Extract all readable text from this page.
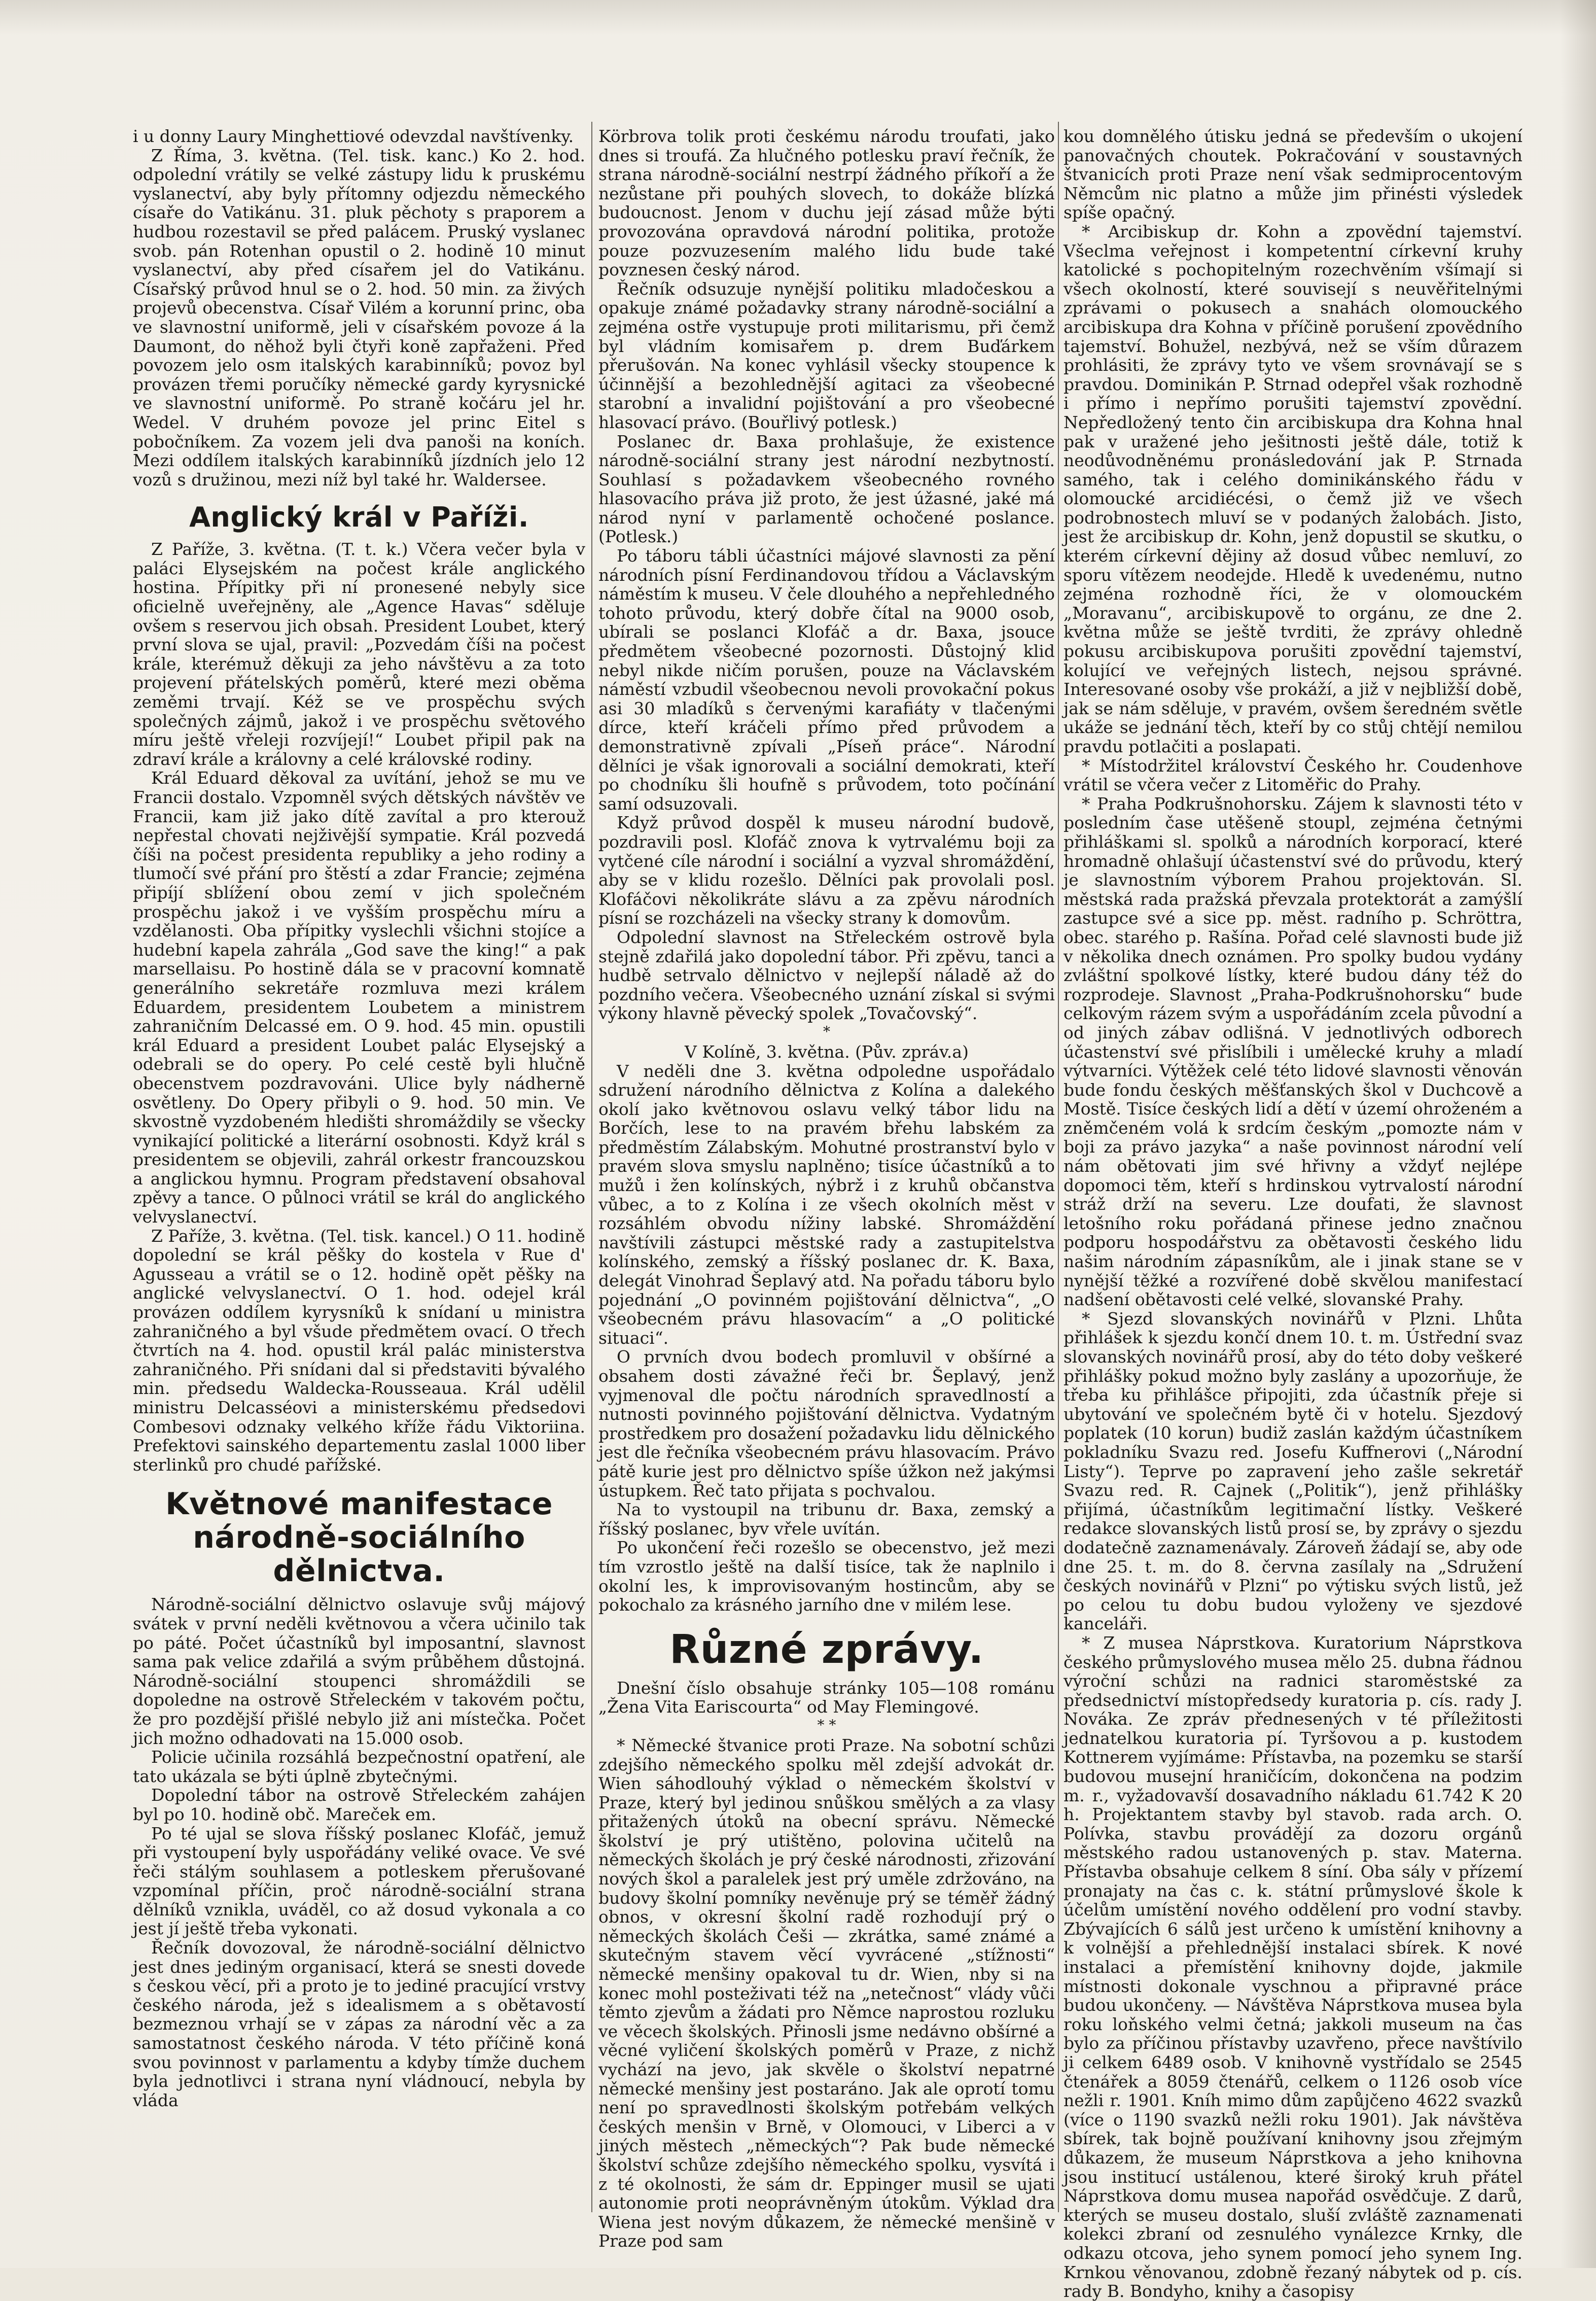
i u donny Laury Minghettiové odevzdal navštívenky.

Z Říma, 3. května. (Tel. tisk. kanc.) Ko 2. hod. odpolední vrátily se velké zástupy lidu k pruskému vyslanectví, aby byly přítomny odjezdu německého císaře do Vatikánu. 31. pluk pěchoty s praporem a hudbou rozestavil se před palácem. Pruský vyslanec svob. pán Rotenhan opustil o 2. hodině 10 minut vyslanectví, aby před císařem jel do Vatikánu. Císařský průvod hnul se o 2. hod. 50 min. za živých projevů obecenstva. Císař Vilém a korunní princ, oba ve slavnostní uniformě, jeli v císařském povoze á la Daumont, do něhož byli čtyři koně zapřaženi. Před povozem jelo osm italských karabinníků; povoz byl provázen třemi poručíky německé gardy kyrysnické ve slavnostní uniformě. Po straně kočáru jel hr. Wedel. V druhém povoze jel princ Eitel s pobočníkem. Za vozem jeli dva panoši na koních. Mezi oddílem italských karabinníků jízdních jelo 12 vozů s družinou, mezi níž byl také hr. Waldersee.

Anglický král v Paříži.

Z Paříže, 3. května. (T. t. k.) Včera večer byla v paláci Elysejském na počest krále anglického hostina. Přípitky při ní pronesené nebyly sice oficielně uveřejněny, ale „Agence Havas“ sděluje ovšem s reservou jich obsah. President Loubet, který první slova se ujal, pravil: „Pozvedám číši na počest krále, kterémuž děkuji za jeho návštěvu a za toto projevení přátelských poměrů, které mezi oběma zeměmi trvají. Kéž se ve prospěchu svých společných zájmů, jakož i ve prospěchu světového míru ještě vřeleji rozvíjejí!“ Loubet připil pak na zdraví krále a královny a celé královské rodiny.

Král Eduard děkoval za uvítání, jehož se mu ve Francii dostalo. Vzpomněl svých dětských návštěv ve Francii, kam již jako dítě zavítal a pro kterouž nepřestal chovati nejživější sympatie. Král pozvedá číši na počest presidenta republiky a jeho rodiny a tlumočí své přání pro štěstí a zdar Francie; zejména připíjí sblížení obou zemí v jich společném prospěchu jakož i ve vyšším prospěchu míru a vzdělanosti. Oba přípitky vyslechli všichni stojíce a hudební kapela zahrála „God save the king!“ a pak marsellaisu. Po hostině dála se v pracovní komnatě generálního sekretáře rozmluva mezi králem Eduardem, presidentem Loubetem a ministrem zahraničním Delcassé em. O 9. hod. 45 min. opustili král Eduard a president Loubet palác Elysejský a odebrali se do opery. Po celé cestě byli hlučně obecenstvem pozdravováni. Ulice byly nádherně osvětleny. Do Opery přibyli o 9. hod. 50 min. Ve skvostně vyzdobeném hledišti shromáždily se všecky vynikající politické a literární osobnosti. Když král s presidentem se objevili, zahrál orkestr francouzskou a anglickou hymnu. Program představení obsahoval zpěvy a tance. O půlnoci vrátil se král do anglického velvyslanectví.

Z Paříže, 3. května. (Tel. tisk. kancel.) O 11. hodině dopolední se král pěšky do kostela v Rue d' Agusseau a vrátil se o 12. hodině opět pěšky na anglické velvyslanectví. O 1. hod. odejel král provázen oddílem kyrysníků k snídaní u ministra zahraničného a byl všude předmětem ovací. O třech čtvrtích na 4. hod. opustil král palác ministerstva zahraničného. Při snídani dal si představiti bývalého min. předsedu Waldecka-Rousseaua. Král udělil ministru Delcasséovi a ministerskému předsedovi Combesovi odznaky velkého kříže řádu Viktoriina. Prefektovi sainského departementu zaslal 1000 liber sterlinků pro chudé pařížské.

Květnové manifestace národně-sociálního dělnictva.

Národně-sociální dělnictvo oslavuje svůj májový svátek v první neděli květnovou a včera učinilo tak po páté. Počet účastníků byl imposantní, slavnost sama pak velice zdařilá a svým průběhem důstojná. Národně-sociální stoupenci shromáždili se dopoledne na ostrově Střeleckém v takovém počtu, že pro pozdější přišlé nebylo již ani místečka. Počet jich možno odhadovati na 15.000 osob.

Policie učinila rozsáhlá bezpečnostní opatření, ale tato ukázala se býti úplně zbytečnými.

Dopolední tábor na ostrově Střeleckém zahájen byl po 10. hodině obč. Mareček em.

Po té ujal se slova říšský poslanec Klofáč, jemuž při vystoupení byly uspořádány veliké ovace. Ve své řeči stálým souhlasem a potleskem přerušované vzpomínal příčin, proč národně-sociální strana dělníků vznikla, uváděl, co až dosud vykonala a co jest jí ještě třeba vykonati.

Řečník dovozoval, že národně-sociální dělnictvo jest dnes jediným organisací, která se snesti dovede s českou věcí, při a proto je to jediné pracující vrstvy českého národa, jež s idealismem a s obětavostí bezmeznou vrhají se v zápas za národní věc a za samostatnost českého národa. V této příčině koná svou povinnost v parlamentu a kdyby tímže duchem byla jednotlivci i strana nyní vládnoucí, nebyla by vláda

Körbrova tolik proti českému národu troufati, jako dnes si troufá. Za hlučného potlesku praví řečník, že strana národně-sociální nestrpí žádného příkoří a že nezůstane při pouhých slovech, to dokáže blízká budoucnost. Jenom v duchu její zásad může býti provozována opravdová národní politika, protože pouze pozvuzesením malého lidu bude také povznesen český národ.

Řečník odsuzuje nynější politiku mladočeskou a opakuje známé požadavky strany národně-sociální a zejména ostře vystupuje proti militarismu, při čemž byl vládním komisařem p. drem Buďárkem přerušován. Na konec vyhlásil všecky stoupence k účinnější a bezohlednější agitaci za všeobecné starobní a invalidní pojištování a pro všeobecné hlasovací právo. (Bouřlivý potlesk.)

Poslanec dr. Baxa prohlašuje, že existence národně-sociální strany jest národní nezbytností. Souhlasí s požadavkem všeobecného rovného hlasovacího práva již proto, že jest úžasné, jaké má národ nyní v parlamentě ochočené poslance. (Potlesk.)

Po táboru tábli účastníci májové slavnosti za pění národních písní Ferdinandovou třídou a Václavským náměstím k museu. V čele dlouhého a nepřehledného tohoto průvodu, který dobře čítal na 9000 osob, ubírali se poslanci Klofáč a dr. Baxa, jsouce předmětem všeobecné pozornosti. Důstojný klid nebyl nikde ničím porušen, pouze na Václavském náměstí vzbudil všeobecnou nevoli provokační pokus asi 30 mladíků s červenými karafiáty v tlačenými dírce, kteří kráčeli přímo před průvodem a demonstrativně zpívali „Píseň práce“. Národní dělníci je však ignorovali a sociální demokrati, kteří po chodníku šli houfně s průvodem, toto počínání samí odsuzovali.

Když průvod dospěl k museu národní budově, pozdravili posl. Klofáč znova k vytrvalému boji za vytčené cíle národní i sociální a vyzval shromáždění, aby se v klidu rozešlo. Dělníci pak provolali posl. Klofáčovi několikráte slávu a za zpěvu národních písní se rozcházeli na všecky strany k domovům.

Odpolední slavnost na Střeleckém ostrově byla stejně zdařilá jako dopolední tábor. Při zpěvu, tanci a hudbě setrvalo dělnictvo v nejlepší náladě až do pozdního večera. Všeobecného uznání získal si svými výkony hlavně pěvecký spolek „Tovačovský“.

*

V Kolíně, 3. května. (Pův. zpráv.a)

V neděli dne 3. května odpoledne uspořádalo sdružení národního dělnictva z Kolína a dalekého okolí jako květnovou oslavu velký tábor lidu na Borčích, lese to na pravém břehu labském za předměstím Zálabským. Mohutné prostranství bylo v pravém slova smyslu naplněno; tisíce účastníků a to mužů i žen kolínských, nýbrž i z kruhů občanstva vůbec, a to z Kolína i ze všech okolních měst v rozsáhlém obvodu nížiny labské. Shromáždění navštívili zástupci městské rady a zastupitelstva kolínského, zemský a říšský poslanec dr. K. Baxa, delegát Vinohrad Šeplavý atd. Na pořadu táboru bylo pojednání „O povinném pojištování dělnictva“, „O všeobecném právu hlasovacím“ a „O politické situaci“.

O prvních dvou bodech promluvil v obšírné a obsahem dosti závažné řeči br. Šeplavý, jenž vyjmenoval dle počtu národních spravedlností a nutnosti povinného pojištování dělnictva. Vydatným prostředkem pro dosažení požadavku lidu dělnického jest dle řečníka všeobecném právu hlasovacím. Právo pátě kurie jest pro dělnictvo spíše úžkon než jakýmsi ústupkem. Řeč tato přijata s pochvalou.

Na to vystoupil na tribunu dr. Baxa, zemský a říšský poslanec, byv vřele uvítán.

Po ukončení řeči rozešlo se obecenstvo, jež mezi tím vzrostlo ještě na další tisíce, tak že naplnilo i okolní les, k improvisovaným hostincům, aby se pokochalo za krásného jarního dne v milém lese.

Různé zprávy.

Dnešní číslo obsahuje stránky 105—108 románu „Žena Vita Eariscourta“ od May Flemingové.

* *

* Německé štvanice proti Praze. Na sobotní schůzi zdejšího německého spolku měl zdejší advokát dr. Wien sáhodlouhý výklad o německém školství v Praze, který byl jedinou snůškou smělých a za vlasy přitažených útoků na obecní správu. Německé školství je prý utištěno, polovina učitelů na německých školách je prý české národnosti, zřizování nových škol a paralelek jest prý uměle zdržováno, na budovy školní pomníky nevěnuje prý se téměř žádný obnos, v okresní školní radě rozhodují prý o německých školách Češi — zkrátka, samé známé a skutečným stavem věcí vyvrácené „stížnosti“ německé menšiny opakoval tu dr. Wien, nby si na konec mohl posteživati též na „netečnost“ vlády vůči těmto zjevům a žádati pro Němce naprostou rozluku ve věcech školských. Přinosli jsme nedávno obšírné a věcné vyličení školských poměrů v Praze, z nichž vychází na jevo, jak skvěle o školství nepatrné německé menšiny jest postaráno. Jak ale oprotí tomu není po spravedlnosti školským potřebám velkých českých menšin v Brně, v Olomouci, v Liberci a v jiných městech „německých“? Pak bude německé školství schůze zdejšího německého spolku, vysvítá i z té okolnosti, že sám dr. Eppinger musil se ujati autonomie proti neoprávněným útokům. Výklad dra Wiena jest novým důkazem, že německé menšině v Praze pod sam

kou domnělého útisku jedná se především o ukojení panovačných choutek. Pokračování v soustavných štvanicích proti Praze není však sedmiprocentovým Němcům nic platno a může jim přinésti výsledek spíše opačný.

* Arcibiskup dr. Kohn a zpovědní tajemství. Všeclma veřejnost i kompetentní církevní kruhy katolické s pochopitelným rozechvěním všímají si všech okolností, které souvisejí s neuvěřitelnými zprávami o pokusech a snahách olomouckého arcibiskupa dra Kohna v příčině porušení zpovědního tajemství. Bohužel, nezbývá, než se vším důrazem prohlásiti, že zprávy tyto ve všem srovnávají se s pravdou. Dominikán P. Strnad odepřel však rozhodně i přímo i nepřímo porušiti tajemství zpovědní. Nepředložený tento čin arcibiskupa dra Kohna hnal pak v uražené jeho ješitnosti ještě dále, totiž k neodůvodněnému pronásledování jak P. Strnada samého, tak i celého dominikánského řádu v olomoucké arcidiécési, o čemž již ve všech podrobnostech mluví se v podaných žalobách. Jisto, jest že arcibiskup dr. Kohn, jenž dopustil se skutku, o kterém církevní dějiny až dosud vůbec nemluví, zo sporu vítězem neodejde. Hledě k uvedenému, nutno zejména rozhodně říci, že v olomouckém „Moravanu“, arcibiskupově to orgánu, ze dne 2. května může se ještě tvrditi, že zprávy ohledně pokusu arcibiskupova porušiti zpovědní tajemství, kolující ve veřejných listech, nejsou správné. Interesované osoby vše prokáží, a již v nejbližší době, jak se nám sděluje, v pravém, ovšem šeredném světle ukáže se jednání těch, kteří by co stůj chtějí nemilou pravdu potlačiti a poslapati.

* Místodržitel království Českého hr. Coudenhove vrátil se včera večer z Litoměřic do Prahy.

* Praha Podkrušnohorsku. Zájem k slavnosti této v posledním čase utěšeně stoupl, zejména četnými přihláškami sl. spolků a národních korporací, které hromadně ohlašují účastenství své do průvodu, který je slavnostním výborem Prahou projektován. Sl. městská rada pražská převzala protektorát a zamýšlí zastupce své a sice pp. měst. radního p. Schröttra, obec. starého p. Rašína. Pořad celé slavnosti bude již v několika dnech oznámen. Pro spolky budou vydány zvláštní spolkové lístky, které budou dány též do rozprodeje. Slavnost „Praha-Podkrušnohorsku“ bude celkovým rázem svým a uspořádáním zcela původní a od jiných zábav odlišná. V jednotlivých odborech účastenství své přislíbili i umělecké kruhy a mladí výtvarníci. Výtěžek celé této lidové slavnosti věnován bude fondu českých měšťanských škol v Duchcově a Mostě. Tisíce českých lidí a dětí v území ohroženém a zněmčeném volá k srdcím českým „pomozte nám v boji za právo jazyka“ a naše povinnost národní velí nám obětovati jim své hřivny a vždyť nejlépe dopomoci těm, kteří s hrdinskou vytrvalostí národní stráž drží na severu. Lze doufati, že slavnost letošního roku pořádaná přinese jedno značnou podporu hospodářstvu za obětavosti českého lidu našim národním zápasníkům, ale i jinak stane se v nynější těžké a rozvířené době skvělou manifestací nadšení obětavosti celé velké, slovanské Prahy.

* Sjezd slovanských novinářů v Plzni. Lhůta přihlášek k sjezdu končí dnem 10. t. m. Ústřední svaz slovanských novinářů prosí, aby do této doby veškeré přihlášky pokud možno byly zaslány a upozorňuje, že třeba ku přihlášce připojiti, zda účastník přeje si ubytování ve společném bytě či v hotelu. Sjezdový poplatek (10 korun) budiž zaslán každým účastníkem pokladníku Svazu red. Josefu Kuffnerovi („Národní Listy“). Teprve po zapravení jeho zašle sekretář Svazu red. R. Cajnek („Politik“), jenž přihlášky přijímá, účastníkům legitimační lístky. Veškeré redakce slovanských listů prosí se, by zprávy o sjezdu dodatečně zaznamenávaly. Zároveň žádají se, aby ode dne 25. t. m. do 8. června zasílaly na „Sdružení českých novinářů v Plzni“ po výtisku svých listů, jež po celou tu dobu budou vyloženy ve sjezdové kanceláři.

* Z musea Náprstkova. Kuratorium Náprstkova českého průmyslového musea mělo 25. dubna řádnou výroční schůzi na radnici staroměstské za předsednictví místopředsedy kuratoria p. cís. rady J. Nováka. Ze zpráv přednesených v té příležitosti jednatelkou kuratoria pí. Tyršovou a p. kustodem Kottnerem vyjímáme: Přístavba, na pozemku se starší budovou musejní hraničícím, dokončena na podzim m. r., vyžadovavší dosavadního nákladu 61.742 K 20 h. Projektantem stavby byl stavob. rada arch. O. Polívka, stavbu provádějí za dozoru orgánů městského radou ustanovených p. stav. Materna. Přístavba obsahuje celkem 8 síní. Oba sály v přízemí pronajaty na čas c. k. státní průmyslové škole k účelům umístění nového oddělení pro vodní stavby. Zbývajících 6 sálů jest určeno k umístění knihovny a k volnější a přehlednější instalaci sbírek. K nové instalaci a přemístění knihovny dojde, jakmile místnosti dokonale vyschnou a připravné práce budou ukončeny. — Návštěva Náprstkova musea byla roku loňského velmi četná; jakkoli museum na čas bylo za příčinou přístavby uzavřeno, přece navštívilo ji celkem 6489 osob. V knihovně vystřídalo se 2545 čtenářek a 8059 čtenářů, celkem o 1126 osob více nežli r. 1901. Kníh mimo dům zapůjčeno 4622 svazků (více o 1190 svazků nežli roku 1901). Jak návštěva sbírek, tak bojně používaní knihovny jsou zřejmým důkazem, že museum Náprstkova a jeho knihovna jsou institucí ustálenou, které široký kruh přátel Náprstkova domu musea napořád osvědčuje. Z darů, kterých se museu dostalo, sluší zvláště zaznamenati kolekci zbraní od zesnulého vynálezce Krnky, dle odkazu otcova, jeho synem pomocí jeho synem Ing. Krnkou věnovanou, zdobně řezaný nábytek od p. cís. rady B. Bondyho, knihy a časopisy
